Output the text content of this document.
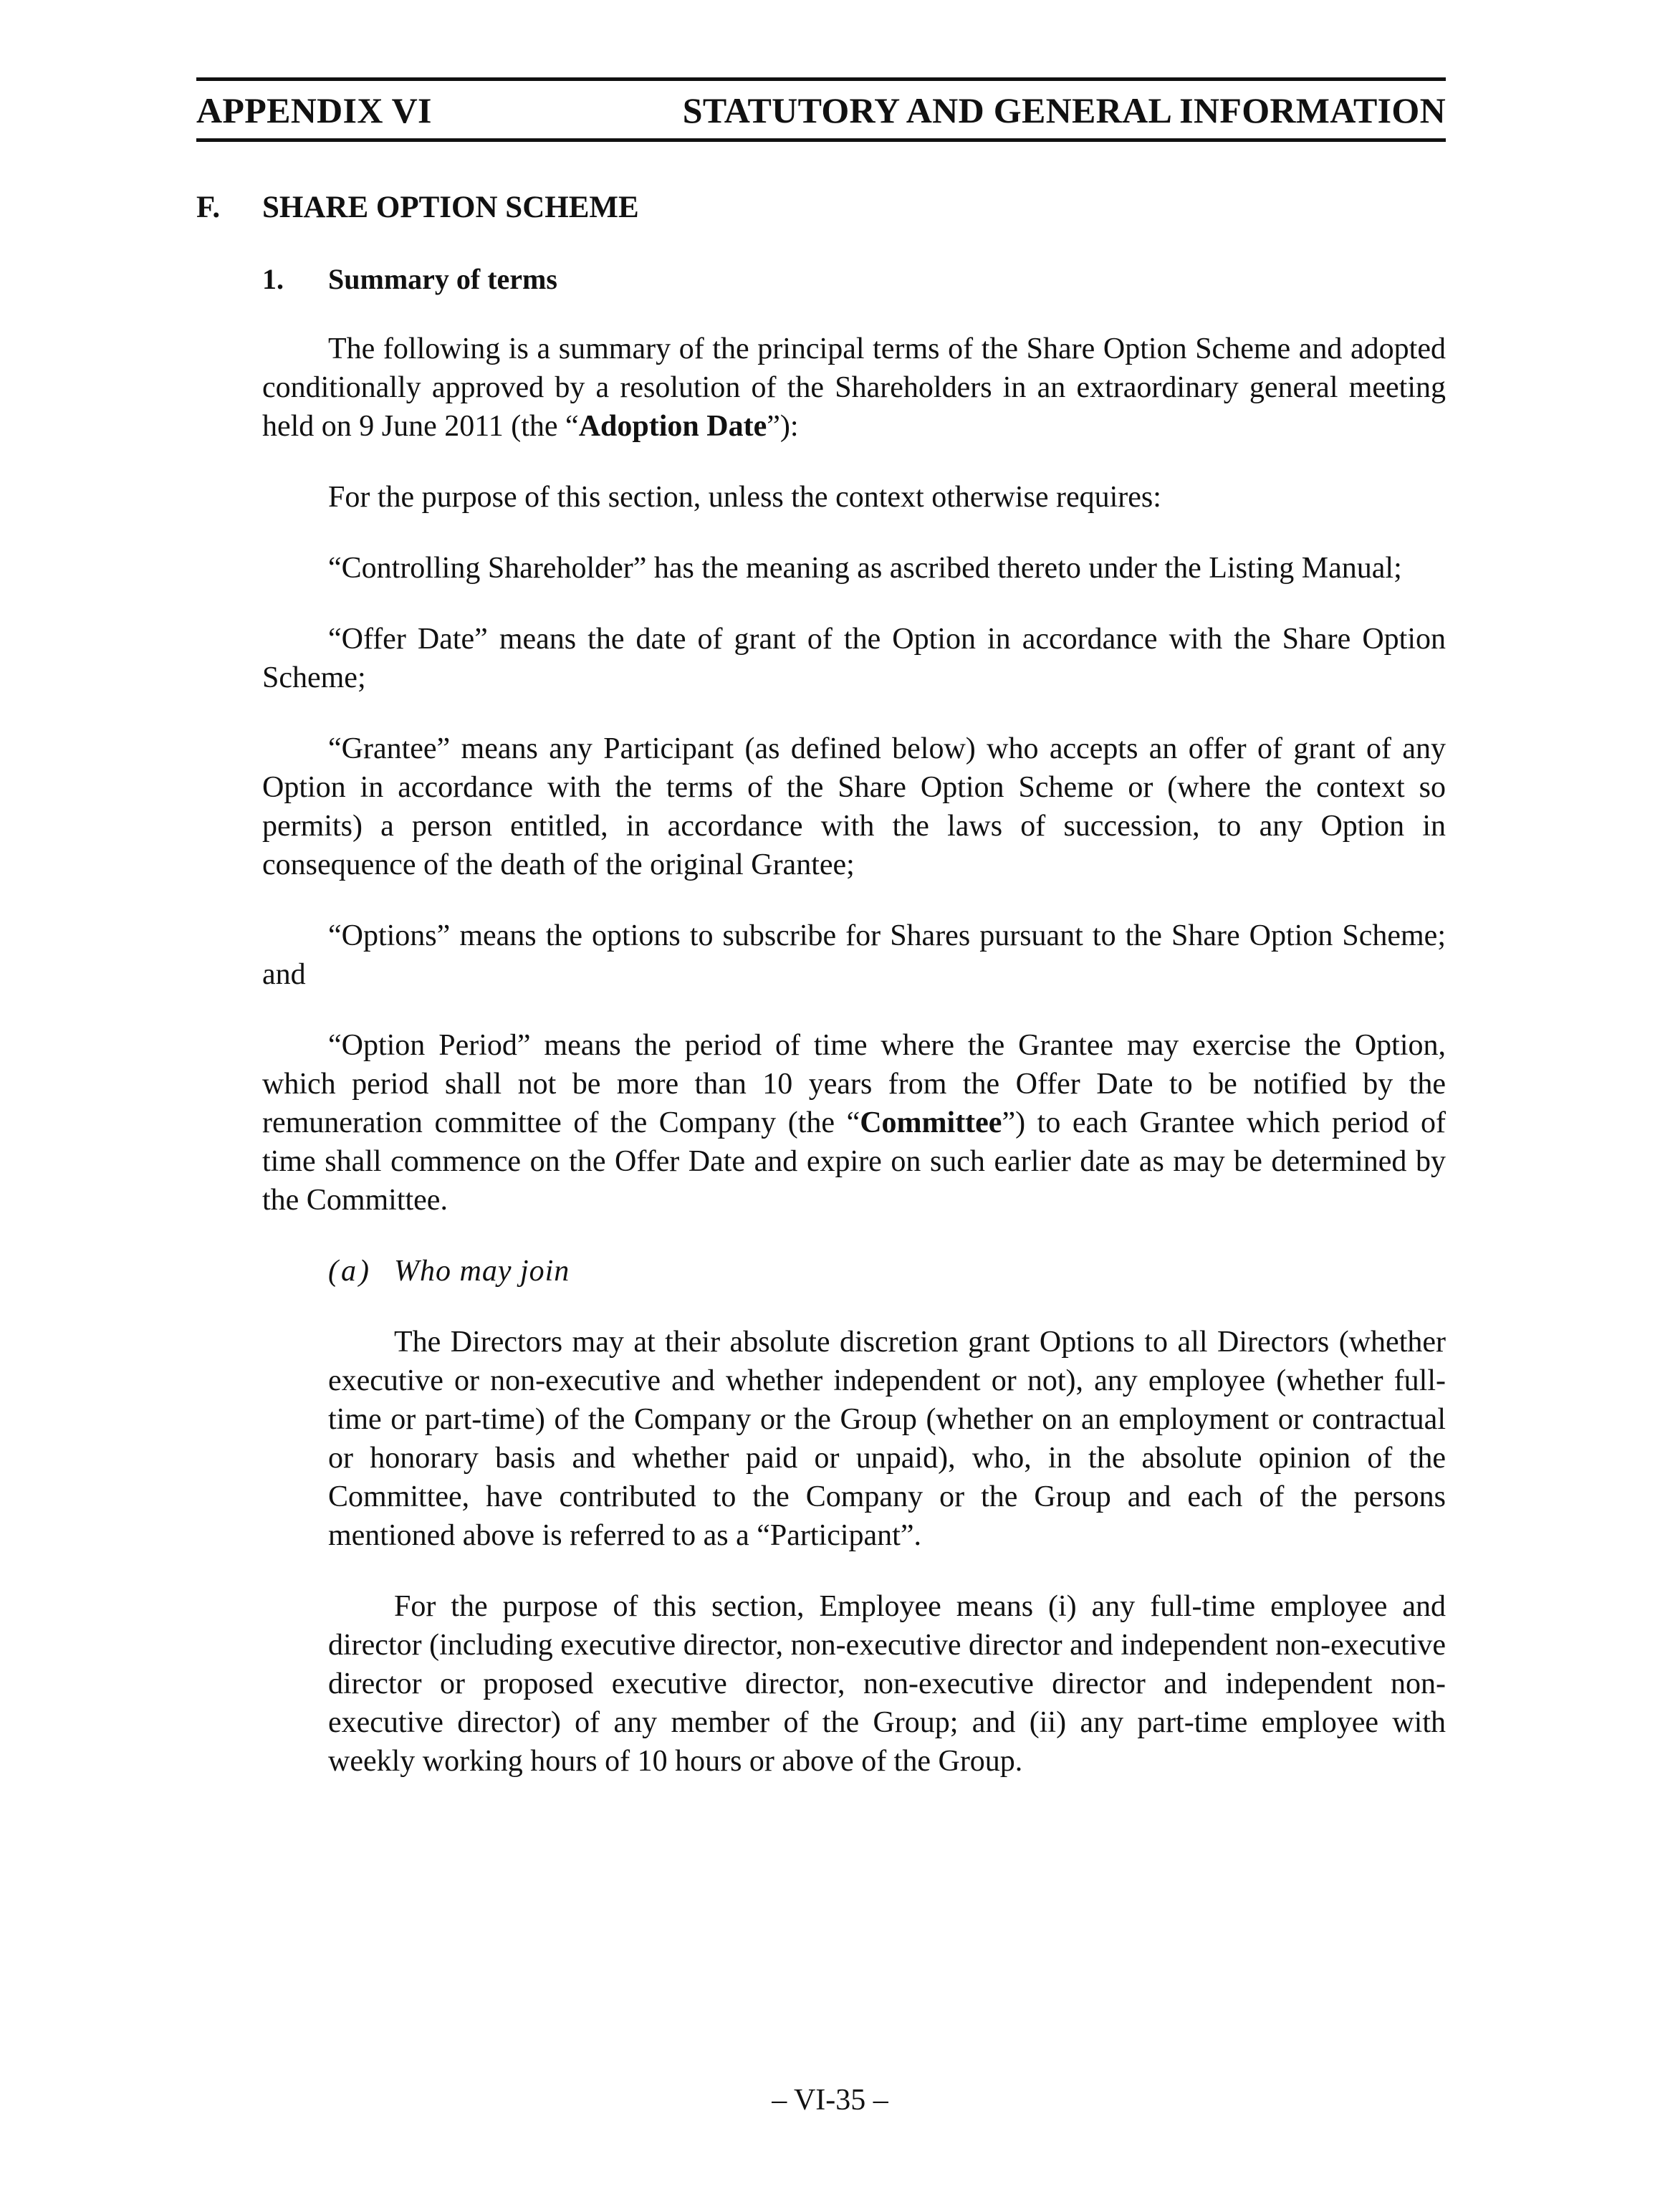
APPENDIX VI	STATUTORY AND GENERAL INFORMATION
F. SHARE OPTION SCHEME
1. Summary of terms

The following is a summary of the principal terms of the Share Option Scheme and adopted conditionally approved by a resolution of the Shareholders in an extraordinary general meeting held on 9 June 2011 (the “Adoption Date”):

For the purpose of this section, unless the context otherwise requires:

“Controlling Shareholder” has the meaning as ascribed thereto under the Listing Manual;

“Offer Date” means the date of grant of the Option in accordance with the Share Option Scheme;

“Grantee” means any Participant (as defined below) who accepts an offer of grant of any Option in accordance with the terms of the Share Option Scheme or (where the context so permits) a person entitled, in accordance with the laws of succession, to any Option in consequence of the death of the original Grantee;

“Options” means the options to subscribe for Shares pursuant to the Share Option Scheme; and

“Option Period” means the period of time where the Grantee may exercise the Option, which period shall not be more than 10 years from the Offer Date to be notified by the remuneration committee of the Company (the “Committee”) to each Grantee which period of time shall commence on the Offer Date and expire on such earlier date as may be determined by the Committee.

(a) Who may join

The Directors may at their absolute discretion grant Options to all Directors (whether executive or non-executive and whether independent or not), any employee (whether full-time or part-time) of the Company or the Group (whether on an employment or contractual or honorary basis and whether paid or unpaid), who, in the absolute opinion of the Committee, have contributed to the Company or the Group and each of the persons mentioned above is referred to as a “Participant”.

For the purpose of this section, Employee means (i) any full-time employee and director (including executive director, non-executive director and independent non-executive director or proposed executive director, non-executive director and independent non-executive director) of any member of the Group; and (ii) any part-time employee with weekly working hours of 10 hours or above of the Group.

– VI-35 –
